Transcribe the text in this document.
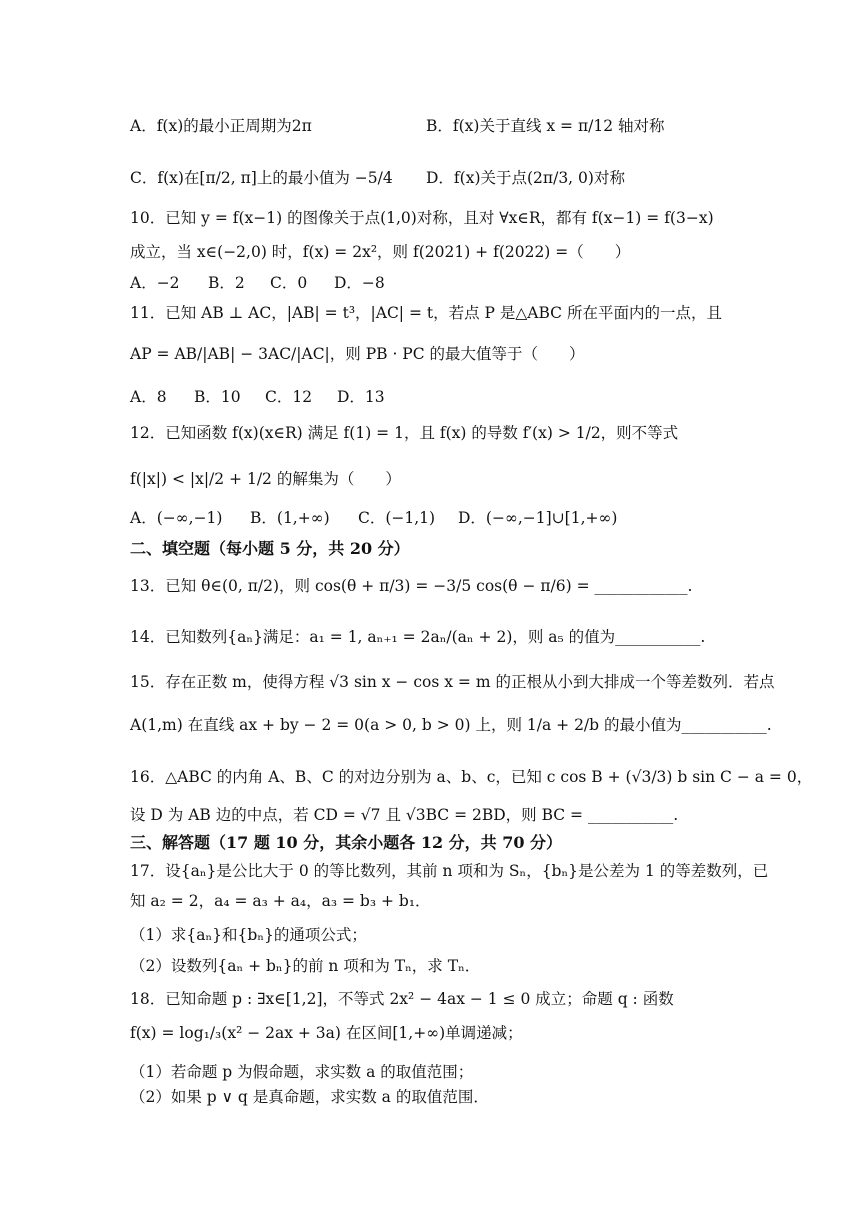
A．f(x)的最小正周期为2π	B．f(x)关于直线 x = π/12 轴对称
C．f(x)在[π/2, π]上的最小值为 −5/4 D．f(x)关于点(2π/3, 0)对称
10．已知 y = f(x−1) 的图像关于点(1,0)对称，且对 ∀x∈R，都有 f(x−1) = f(3−x)
成立，当 x∈(−2,0) 时，f(x) = 2x²，则 f(2021) + f(2022) =（　　）
A．−2 B．2 C．0 D．−8
11．已知 AB ⊥ AC，|AB| = t³，|AC| = t，若点 P 是△ABC 所在平面内的一点，且
AP = AB/|AB| − 3AC/|AC|，则 PB · PC 的最大值等于（　　）
A．8 B．10 C．12 D．13
12．已知函数 f(x)(x∈R) 满足 f(1) = 1，且 f(x) 的导数 f′(x) > 1/2，则不等式
f(|x|) < |x|/2 + 1/2 的解集为（　　）
A．(−∞,−1) B．(1,+∞) C．(−1,1) D．(−∞,−1]∪[1,+∞)
二、填空题（每小题 5 分，共 20 分）
13．已知 θ∈(0, π/2)，则 cos(θ + π/3) = −3/5 cos(θ − π/6) = ____________.
14．已知数列{aₙ}满足：a₁ = 1, aₙ₊₁ = 2aₙ/(aₙ + 2)，则 a₅ 的值为___________.
15．存在正数 m，使得方程 √3 sin x − cos x = m 的正根从小到大排成一个等差数列．若点
A(1,m) 在直线 ax + by − 2 = 0(a > 0, b > 0) 上，则 1/a + 2/b 的最小值为___________.
16．△ABC 的内角 A、B、C 的对边分别为 a、b、c，已知 c cos B + (√3/3) b sin C − a = 0，
设 D 为 AB 边的中点，若 CD = √7 且 √3BC = 2BD，则 BC = ___________.
三、解答题（17 题 10 分，其余小题各 12 分，共 70 分）
17．设{aₙ}是公比大于 0 的等比数列，其前 n 项和为 Sₙ，{bₙ}是公差为 1 的等差数列，已
知 a₂ = 2，a₄ = a₃ + a₄，a₃ = b₃ + b₁．
（1）求{aₙ}和{bₙ}的通项公式；
（2）设数列{aₙ + bₙ}的前 n 项和为 Tₙ，求 Tₙ．
18．已知命题 p : ∃x∈[1,2]，不等式 2x² − 4ax − 1 ≤ 0 成立；命题 q : 函数
f(x) = log₁/₃(x² − 2ax + 3a) 在区间[1,+∞)单调递减；
（1）若命题 p 为假命题，求实数 a 的取值范围；
（2）如果 p ∨ q 是真命题，求实数 a 的取值范围．
